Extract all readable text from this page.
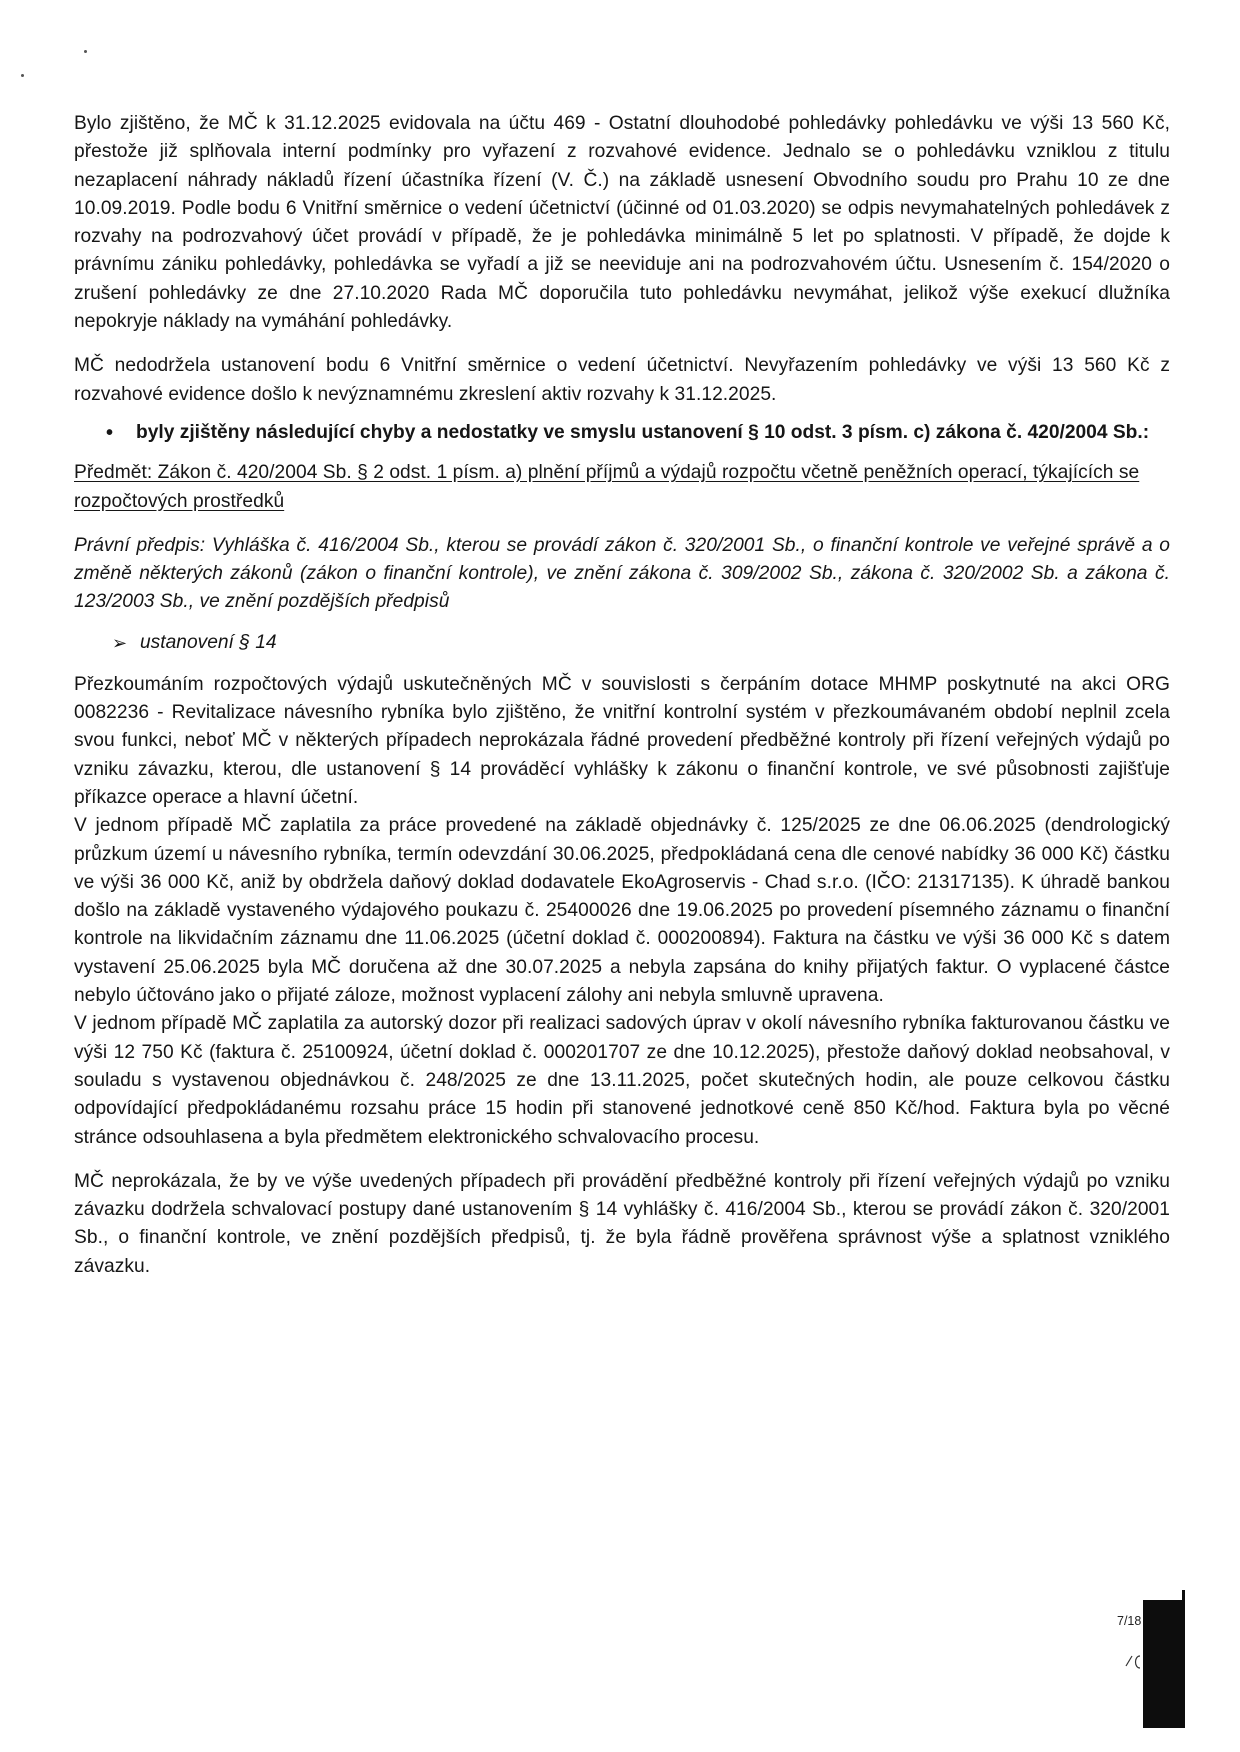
Bylo zjištěno, že MČ k 31.12.2025 evidovala na účtu 469 - Ostatní dlouhodobé pohledávky pohledávku ve výši 13 560 Kč, přestože již splňovala interní podmínky pro vyřazení z rozvahové evidence. Jednalo se o pohledávku vzniklou z titulu nezaplacení náhrady nákladů řízení účastníka řízení (V. Č.) na základě usnesení Obvodního soudu pro Prahu 10 ze dne 10.09.2019. Podle bodu 6 Vnitřní směrnice o vedení účetnictví (účinné od 01.03.2020) se odpis nevymahatelných pohledávek z rozvahy na podrozvahový účet provádí v případě, že je pohledávka minimálně 5 let po splatnosti. V případě, že dojde k právnímu zániku pohledávky, pohledávka se vyřadí a již se neeviduje ani na podrozvahovém účtu. Usnesením č. 154/2020 o zrušení pohledávky ze dne 27.10.2020 Rada MČ doporučila tuto pohledávku nevymáhat, jelikož výše exekucí dlužníka nepokryje náklady na vymáhání pohledávky.

MČ nedodržela ustanovení bodu 6 Vnitřní směrnice o vedení účetnictví. Nevyřazením pohledávky ve výši 13 560 Kč z rozvahové evidence došlo k nevýznamnému zkreslení aktiv rozvahy k 31.12.2025.

•	byly zjištěny následující chyby a nedostatky ve smyslu ustanovení § 10 odst. 3 písm. c) zákona č. 420/2004 Sb.:

Předmět: Zákon č. 420/2004 Sb. § 2 odst. 1 písm. a) plnění příjmů a výdajů rozpočtu včetně peněžních operací, týkajících se rozpočtových prostředků

Právní předpis: Vyhláška č. 416/2004 Sb., kterou se provádí zákon č. 320/2001 Sb., o finanční kontrole ve veřejné správě a o změně některých zákonů (zákon o finanční kontrole), ve znění zákona č. 309/2002 Sb., zákona č. 320/2002 Sb. a zákona č. 123/2003 Sb., ve znění pozdějších předpisů

➢ ustanovení § 14

Přezkoumáním rozpočtových výdajů uskutečněných MČ v souvislosti s čerpáním dotace MHMP poskytnuté na akci ORG 0082236 - Revitalizace návesního rybníka bylo zjištěno, že vnitřní kontrolní systém v přezkoumávaném období neplnil zcela svou funkci, neboť MČ v některých případech neprokázala řádné provedení předběžné kontroly při řízení veřejných výdajů po vzniku závazku, kterou, dle ustanovení § 14 prováděcí vyhlášky k zákonu o finanční kontrole, ve své působnosti zajišťuje příkazce operace a hlavní účetní.

V jednom případě MČ zaplatila za práce provedené na základě objednávky č. 125/2025 ze dne 06.06.2025 (dendrologický průzkum území u návesního rybníka, termín odevzdání 30.06.2025, předpokládaná cena dle cenové nabídky 36 000 Kč) částku ve výši 36 000 Kč, aniž by obdržela daňový doklad dodavatele EkoAgroservis - Chad s.r.o. (IČO: 21317135). K úhradě bankou došlo na základě vystaveného výdajového poukazu č. 25400026 dne 19.06.2025 po provedení písemného záznamu o finanční kontrole na likvidačním záznamu dne 11.06.2025 (účetní doklad č. 000200894). Faktura na částku ve výši 36 000 Kč s datem vystavení 25.06.2025 byla MČ doručena až dne 30.07.2025 a nebyla zapsána do knihy přijatých faktur. O vyplacené částce nebylo účtováno jako o přijaté záloze, možnost vyplacení zálohy ani nebyla smluvně upravena.

V jednom případě MČ zaplatila za autorský dozor při realizaci sadových úprav v okolí návesního rybníka fakturovanou částku ve výši 12 750 Kč (faktura č. 25100924, účetní doklad č. 000201707 ze dne 10.12.2025), přestože daňový doklad neobsahoval, v souladu s vystavenou objednávkou č. 248/2025 ze dne 13.11.2025, počet skutečných hodin, ale pouze celkovou částku odpovídající předpokládanému rozsahu práce 15 hodin při stanovené jednotkové ceně 850 Kč/hod. Faktura byla po věcné stránce odsouhlasena a byla předmětem elektronického schvalovacího procesu.

MČ neprokázala, že by ve výše uvedených případech při provádění předběžné kontroly při řízení veřejných výdajů po vzniku závazku dodržela schvalovací postupy dané ustanovením § 14 vyhlášky č. 416/2004 Sb., kterou se provádí zákon č. 320/2001 Sb., o finanční kontrole, ve znění pozdějších předpisů, tj. že byla řádně prověřena správnost výše a splatnost vzniklého závazku.

7/18
